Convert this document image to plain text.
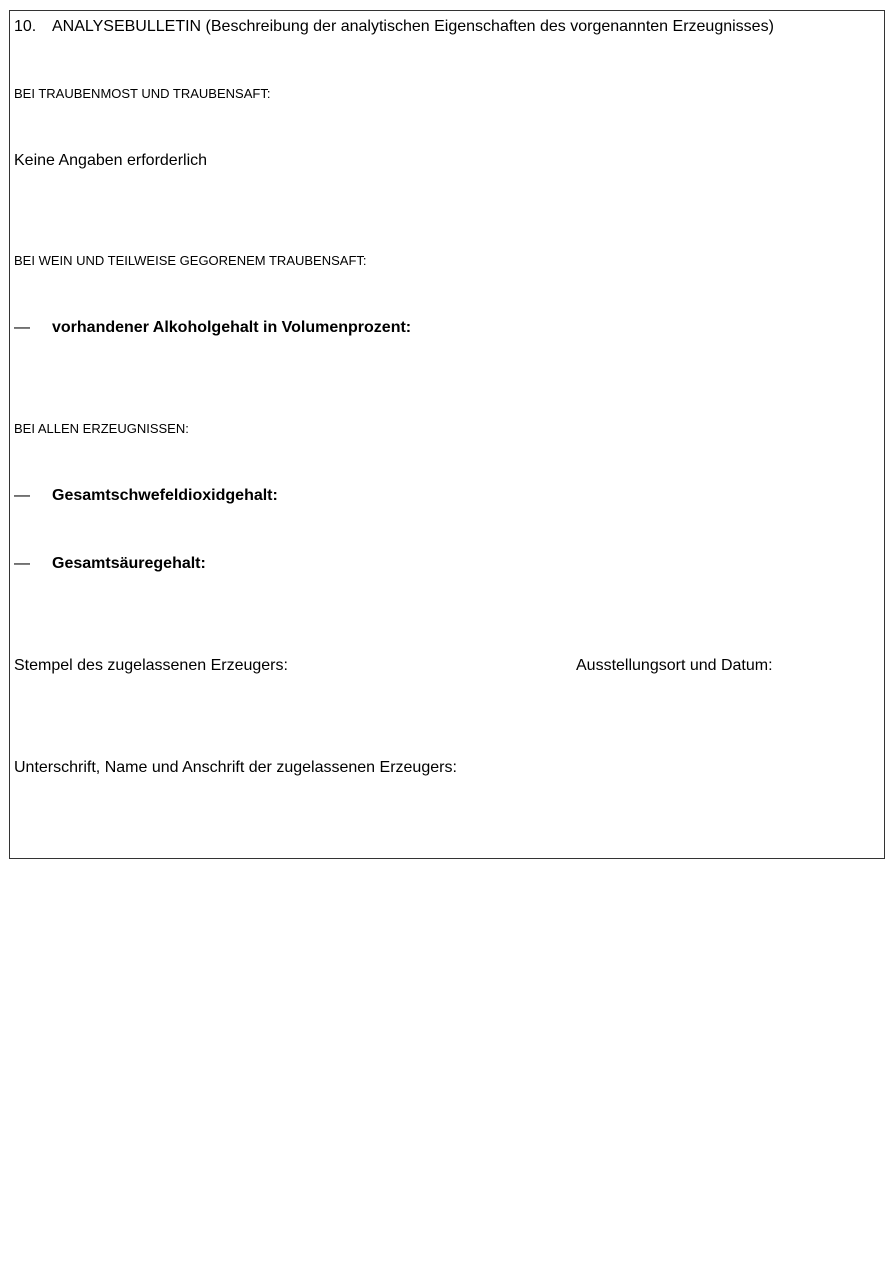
10. ANALYSEBULLETIN (Beschreibung der analytischen Eigenschaften des vorgenannten Erzeugnisses)
BEI TRAUBENMOST UND TRAUBENSAFT:
Keine Angaben erforderlich
BEI WEIN UND TEILWEISE GEGORENEM TRAUBENSAFT:
— vorhandener Alkoholgehalt in Volumenprozent:
BEI ALLEN ERZEUGNISSEN:
— Gesamtschwefeldioxidgehalt:
— Gesamtsäuregehalt:
Stempel des zugelassenen Erzeugers:	Ausstellungsort und Datum:
Unterschrift, Name und Anschrift der zugelassenen Erzeugers:
